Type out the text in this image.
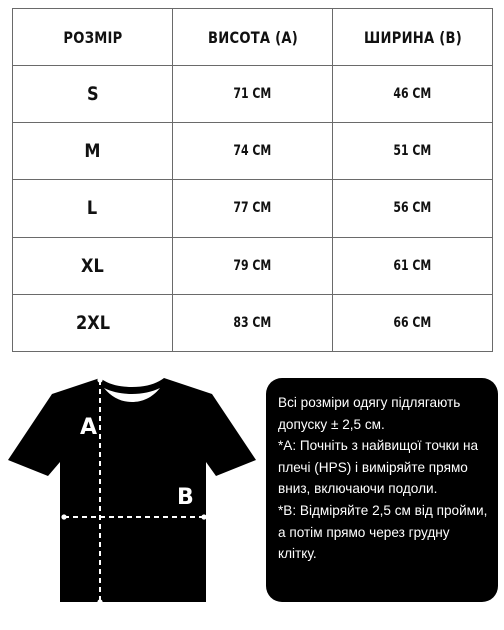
РОЗМІР	ВИСОТА (A)	ШИРИНА (B)
S	71 CM	46 CM
M	74 CM	51 CM
L	77 CM	56 CM
XL	79 CM	61 CM
2XL	83 CM	66 CM
A
B

Всі розміри одягу підлягають допуску ± 2,5 см.

*A: Почніть з найвищої точки на плечі (HPS) і виміряйте прямо вниз, включаючи подоли.

*B: Відміряйте 2,5 см від пройми, а потім прямо через грудну клітку.
